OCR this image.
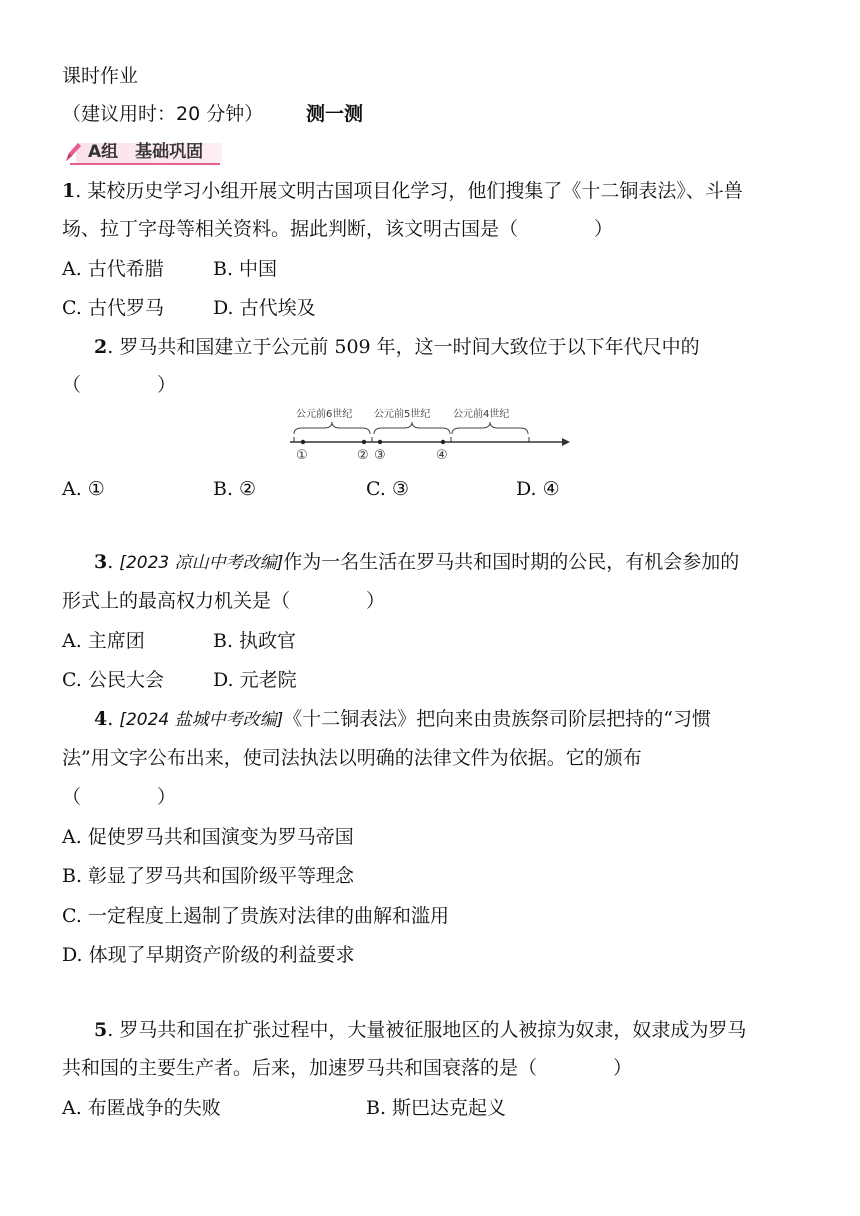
课时作业
（建议用时：20 分钟） 测一测
A组　基础巩固
1. 某校历史学习小组开展文明古国项目化学习，他们搜集了《十二铜表法》、斗兽
场、拉丁字母等相关资料。据此判断，该文明古国是（　　　　）
A. 古代希腊	B. 中国
C. 古代罗马	D. 古代埃及
2. 罗马共和国建立于公元前 509 年，这一时间大致位于以下年代尺中的
（　　　　）
公元前6世纪 公元前5世纪 公元前4世纪
①	② ③	④
A. ①	B. ②	C. ③	D. ④
3. [2023 凉山中考改编]作为一名生活在罗马共和国时期的公民，有机会参加的
形式上的最高权力机关是（　　　　）
A. 主席团	B. 执政官
C. 公民大会	D. 元老院
4. [2024 盐城中考改编]《十二铜表法》把向来由贵族祭司阶层把持的“习惯
法”用文字公布出来，使司法执法以明确的法律文件为依据。它的颁布
（　　　　）
A. 促使罗马共和国演变为罗马帝国
B. 彰显了罗马共和国阶级平等理念
C. 一定程度上遏制了贵族对法律的曲解和滥用
D. 体现了早期资产阶级的利益要求
5. 罗马共和国在扩张过程中，大量被征服地区的人被掠为奴隶，奴隶成为罗马
共和国的主要生产者。后来，加速罗马共和国衰落的是（　　　　）
A. 布匿战争的失败	B. 斯巴达克起义
